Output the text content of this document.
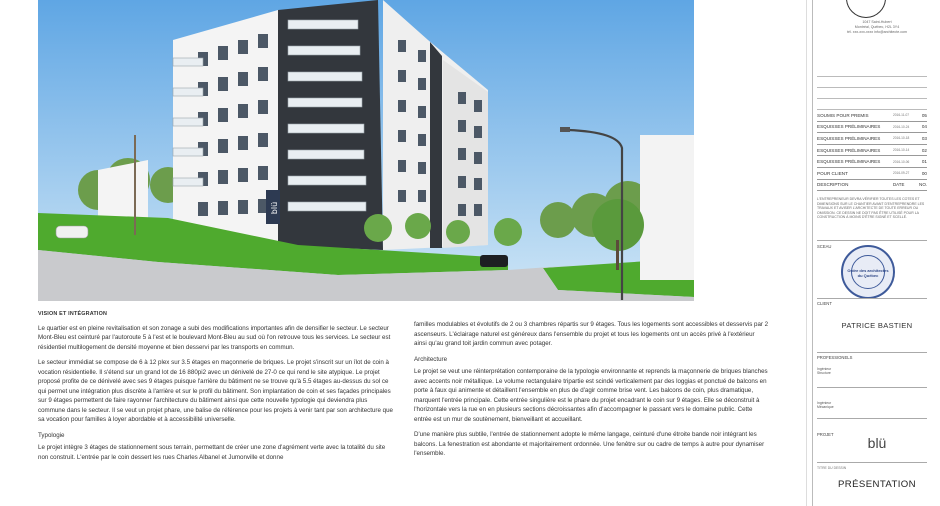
blü
VISION ET INTÉGRATION
Le quartier est en pleine revitalisation et son zonage a subi des modifications importantes afin de densifier le secteur. Le secteur Mont-Bleu est ceinturé par l'autoroute 5 à l'est et le boulevard Mont-Bleu au sud où l'on retrouve tous les services. Le secteur est résidentiel multilogement de densité moyenne et bien desservi par les transports en commun.
Le secteur immédiat se compose de 6 à 12 plex sur 3.5 étages en maçonnerie de briques. Le projet s'inscrit sur un îlot de coin à vocation résidentielle. Il s'étend sur un grand lot de 16 880pi2 avec un dénivelé de 27-0 ce qui rend le site atypique. Le projet proposé profite de ce dénivelé avec ses 9 étages puisque l'arrière du bâtiment ne se trouve qu'à 5.5 étages au-dessus du sol ce qui permet une intégration plus discrète à l'arrière et sur le profil du bâtiment. Son implantation de coin et ses façades principales sur 9 étages permettent de faire rayonner l'architecture du bâtiment ainsi que cette nouvelle typologie qui deviendra plus commune dans le secteur. Il se veut un projet phare, une balise de référence pour les projets à venir tant par son architecture que sa vocation pour familles à loyer abordable et à accessibilité universelle.
Typologie
Le projet intègre 3 étages de stationnement sous terrain, permettant de créer une zone d'agrément verte avec la totalité du site non construit. L'entrée par le coin dessert les rues Charles Albanel et Jumonville et donne
familles modulables et évolutifs de 2 ou 3 chambres répartis sur 9 étages. Tous les logements sont accessibles et desservis par 2 ascenseurs. L'éclairage naturel est généreux dans l'ensemble du projet et tous les logements ont un accès privé à l'extérieur ainsi qu'au grand toit jardin commun avec potager.
Architecture
Le projet se veut une réinterprétation contemporaine de la typologie environnante et reprends la maçonnerie de briques blanches avec accents noir métallique. Le volume rectangulaire tripartie est scindé verticalement par des loggias et ponctué de balcons en porte à faux qui animente et détaillent l'ensemble en plus de d'agir comme brise vent. Les balcons de coin, plus dramatique, marquent l'entrée principale. Cette entrée singulière est le phare du projet encadrant le coin sur 9 étages. Elle se déconstruit à l'horizontale vers la rue en en plusieurs sections décroissantes afin d'accompagner le passant vers le domaine public. Cette entrée est un mur de soutènement, bienveillant et accueillant.
D'une manière plus subtile, l'entrée de stationnement adopte le même langage, ceinturé d'une étroite bande noir intégrant les balcons. La fenestration est abondante et majoritairement ordonnée. Une fenêtre sur ou cadre de temps à autre pour dynamiser l'ensemble.
1047 Saint-Hubert
Montréal, Québec, H2L 3Y4
tél. xxx-xxx-xxxx info@architecte.com
SOUMIS POUR PREMIS	2016-11-07	05
ESQUISSES PRÉLIMINAIRES	2016-10-24	04
ESQUISSES PRÉLIMINAIRES	2016-10-18	03
ESQUISSES PRÉLIMINAIRES	2016-10-14	02
ESQUISSES PRÉLIMINAIRES	2016-10-06	01
POUR CLIENT	2016-09-27	00
DESCRIPTION	DATE	NO.
L'ENTREPRENEUR DEVRA VÉRIFIER TOUTES LES COTES ET DIMENSIONS SUR LE CHANTIER AVANT D'ENTREPRENDRE LES TRAVAUX ET AVISER L'ARCHITECTE DE TOUTE ERREUR OU OMISSION. CE DESSIN NE DOIT PAS ÊTRE UTILISÉ POUR LA CONSTRUCTION À MOINS D'ÊTRE SIGNÉ ET SCELLÉ.
SCEAU
Ordre des architectes du Québec
CLIENT
PATRICE BASTIEN
PROFESSIONELS
Ingénieur
Structure
Ingénieur
Mécanique
PROJET
blü
TITRE DU DESSIN
PRÉSENTATION
